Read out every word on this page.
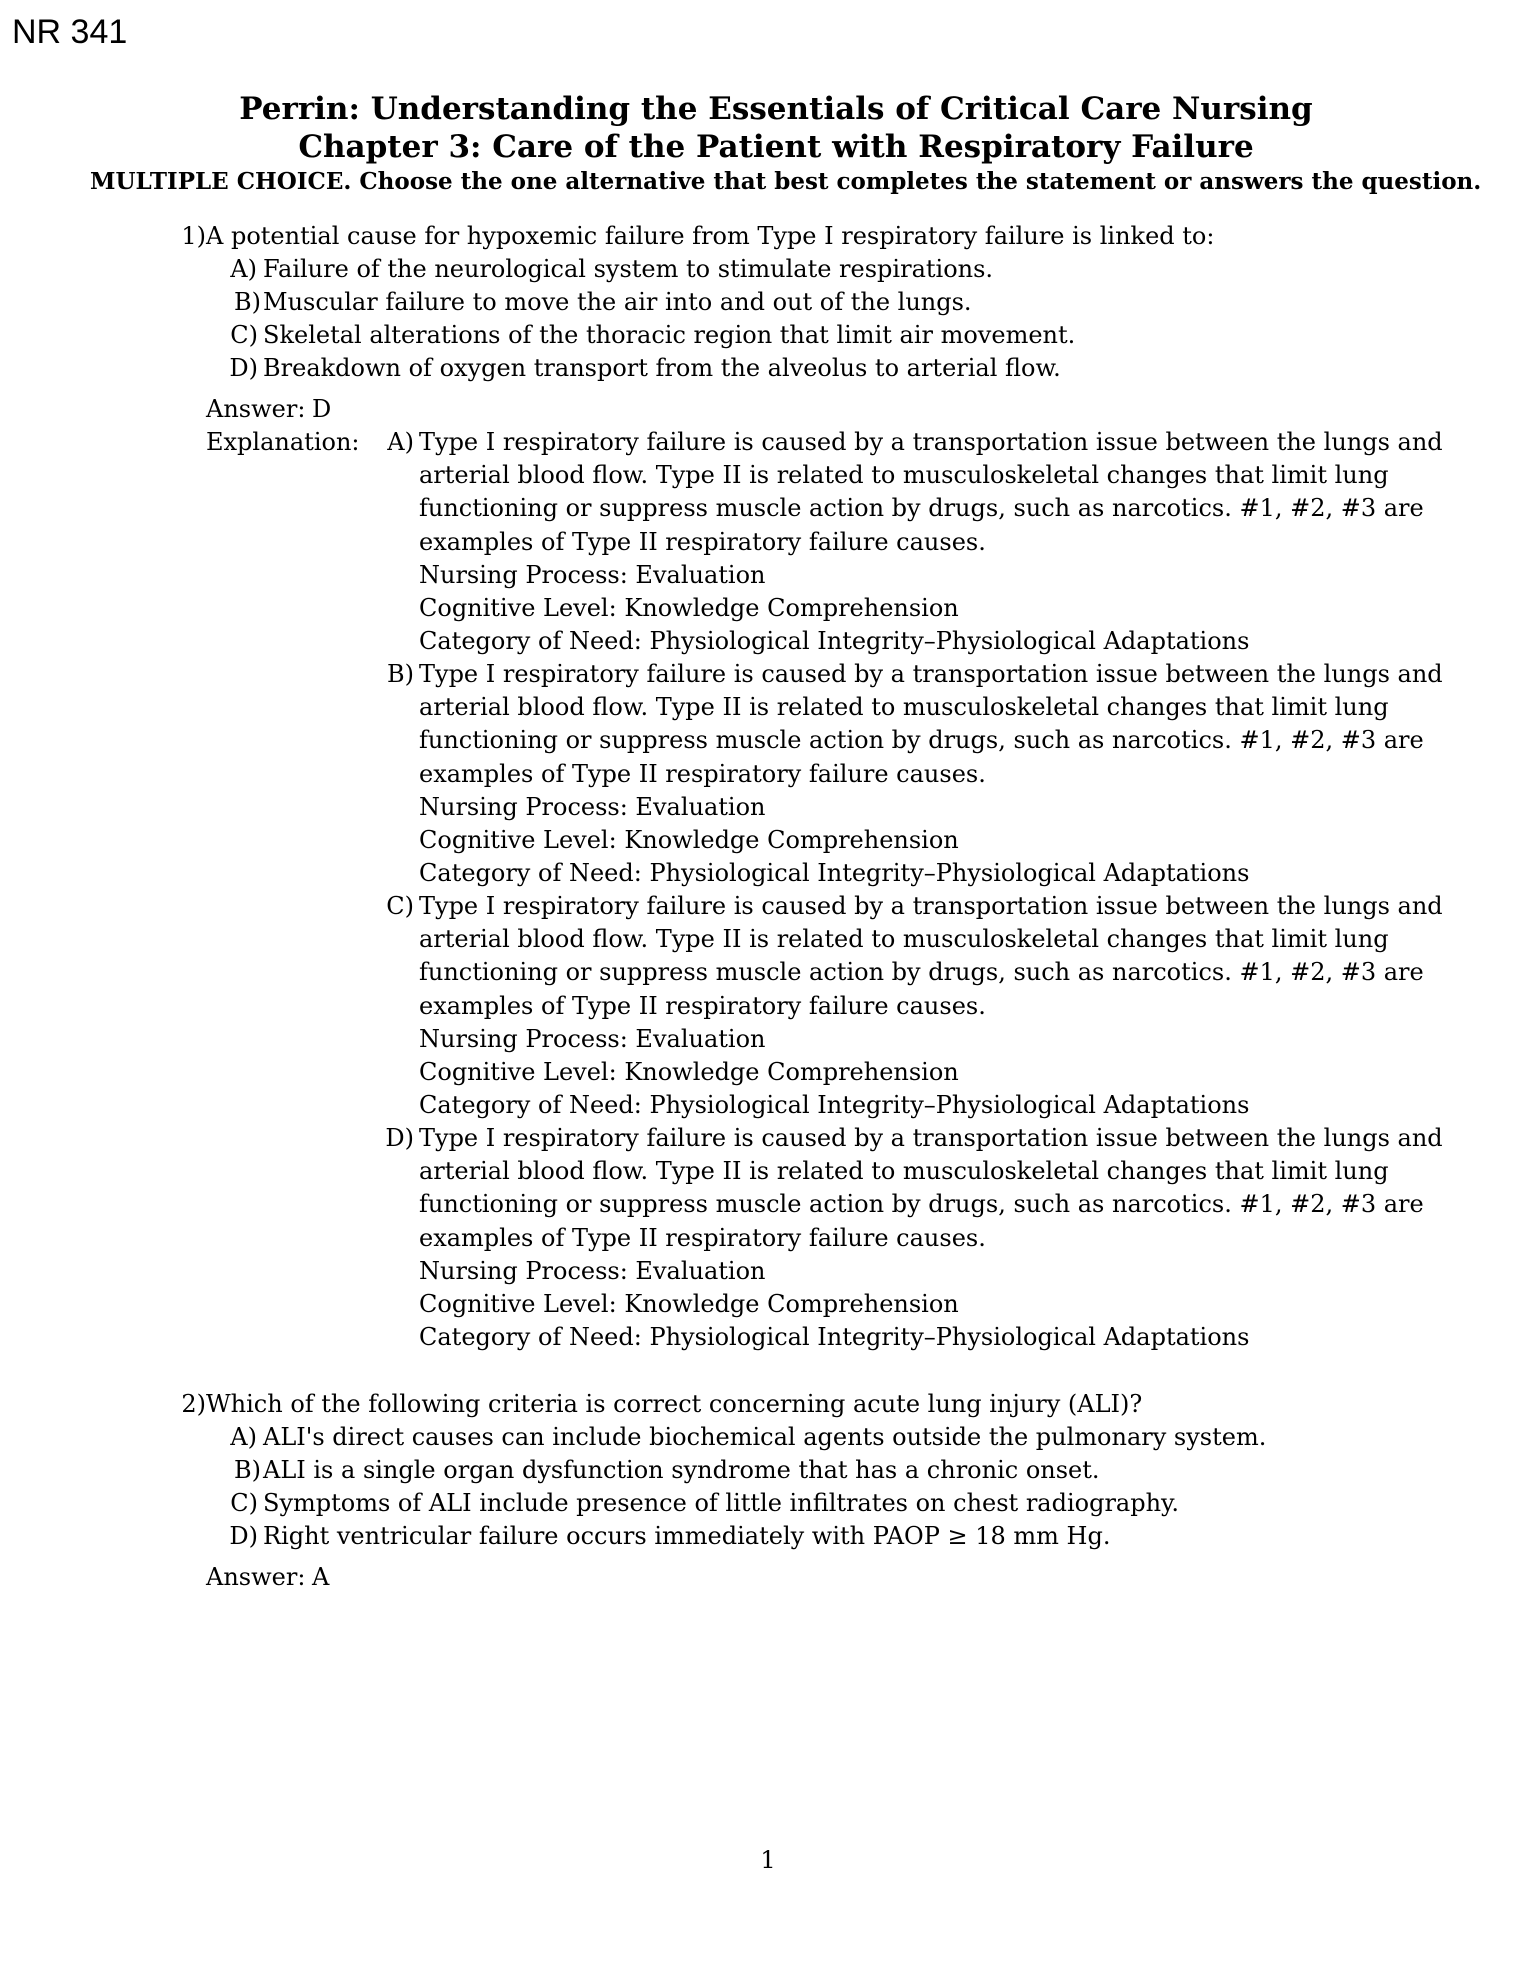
NR 341
Perrin: Understanding the Essentials of Critical Care Nursing
Chapter 3: Care of the Patient with Respiratory Failure
MULTIPLE CHOICE. Choose the one alternative that best completes the statement or answers the question.
1) A potential cause for hypoxemic failure from Type I respiratory failure is linked to:
A) Failure of the neurological system to stimulate respirations.
B) Muscular failure to move the air into and out of the lungs.
C) Skeletal alterations of the thoracic region that limit air movement.
D) Breakdown of oxygen transport from the alveolus to arterial flow.
Answer: D
Explanation:	A) Type I respiratory failure is caused by a transportation issue between the lungs and

arterial blood flow. Type II is related to musculoskeletal changes that limit lung

functioning or suppress muscle action by drugs, such as narcotics. #1, #2, #3 are

examples of Type II respiratory failure causes.

Nursing Process: Evaluation

Cognitive Level: Knowledge Comprehension

Category of Need: Physiological Integrity–Physiological Adaptations

B) Type I respiratory failure is caused by a transportation issue between the lungs and

arterial blood flow. Type II is related to musculoskeletal changes that limit lung

functioning or suppress muscle action by drugs, such as narcotics. #1, #2, #3 are

examples of Type II respiratory failure causes.

Nursing Process: Evaluation

Cognitive Level: Knowledge Comprehension

Category of Need: Physiological Integrity–Physiological Adaptations

C) Type I respiratory failure is caused by a transportation issue between the lungs and

arterial blood flow. Type II is related to musculoskeletal changes that limit lung

functioning or suppress muscle action by drugs, such as narcotics. #1, #2, #3 are

examples of Type II respiratory failure causes.

Nursing Process: Evaluation

Cognitive Level: Knowledge Comprehension

Category of Need: Physiological Integrity–Physiological Adaptations

D) Type I respiratory failure is caused by a transportation issue between the lungs and

arterial blood flow. Type II is related to musculoskeletal changes that limit lung

functioning or suppress muscle action by drugs, such as narcotics. #1, #2, #3 are

examples of Type II respiratory failure causes.

Nursing Process: Evaluation

Cognitive Level: Knowledge Comprehension

Category of Need: Physiological Integrity–Physiological Adaptations

2) Which of the following criteria is correct concerning acute lung injury (ALI)?
A) ALI's direct causes can include biochemical agents outside the pulmonary system.
B) ALI is a single organ dysfunction syndrome that has a chronic onset.
C) Symptoms of ALI include presence of little infiltrates on chest radiography.
D) Right ventricular failure occurs immediately with PAOP ≥ 18 mm Hg.
Answer: A
1
